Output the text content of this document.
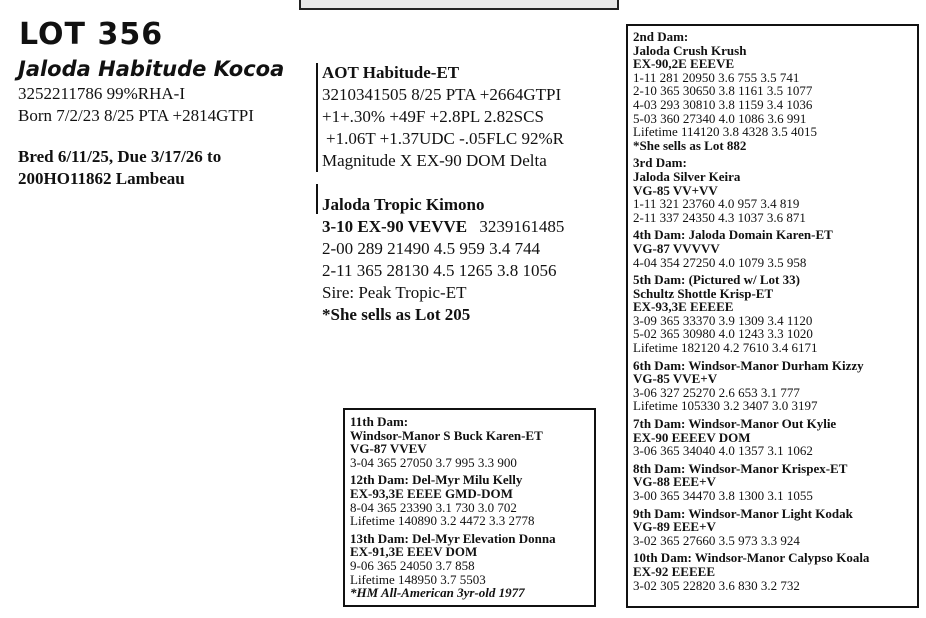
LOT 356
Jaloda Habitude Kocoa
3252211786 99%RHA-I
Born 7/2/23 8/25 PTA +2814GTPI
Bred 6/11/25, Due 3/17/26 to
200HO11862 Lambeau
AOT Habitude-ET
3210341505 8/25 PTA +2664GTPI
+1+.30% +49F +2.8PL 2.82SCS
+1.06T +1.37UDC -.05FLC 92%R
Magnitude X EX-90 DOM Delta
Jaloda Tropic Kimono
3-10 EX-90 VEVVE 3239161485
2-00 289 21490 4.5 959 3.4 744
2-11 365 28130 4.5 1265 3.8 1056
Sire: Peak Tropic-ET
*She sells as Lot 205
11th Dam:
Windsor-Manor S Buck Karen-ET
VG-87 VVEV
3-04 365 27050 3.7 995 3.3 900
12th Dam: Del-Myr Milu Kelly
EX-93,3E EEEE GMD-DOM
8-04 365 23390 3.1 730 3.0 702
Lifetime 140890 3.2 4472 3.3 2778
13th Dam: Del-Myr Elevation Donna
EX-91,3E EEEV DOM
9-06 365 24050 3.7 858
Lifetime 148950 3.7 5503
*HM All-American 3yr-old 1977
2nd Dam:
Jaloda Crush Krush
EX-90,2E EEEVE
1-11 281 20950 3.6 755 3.5 741
2-10 365 30650 3.8 1161 3.5 1077
4-03 293 30810 3.8 1159 3.4 1036
5-03 360 27340 4.0 1086 3.6 991
Lifetime 114120 3.8 4328 3.5 4015
*She sells as Lot 882
3rd Dam:
Jaloda Silver Keira
VG-85 VV+VV
1-11 321 23760 4.0 957 3.4 819
2-11 337 24350 4.3 1037 3.6 871
4th Dam: Jaloda Domain Karen-ET
VG-87 VVVVV
4-04 354 27250 4.0 1079 3.5 958
5th Dam: (Pictured w/ Lot 33)
Schultz Shottle Krisp-ET
EX-93,3E EEEEE
3-09 365 33370 3.9 1309 3.4 1120
5-02 365 30980 4.0 1243 3.3 1020
Lifetime 182120 4.2 7610 3.4 6171
6th Dam: Windsor-Manor Durham Kizzy
VG-85 VVE+V
3-06 327 25270 2.6 653 3.1 777
Lifetime 105330 3.2 3407 3.0 3197
7th Dam: Windsor-Manor Out Kylie
EX-90 EEEEV DOM
3-06 365 34040 4.0 1357 3.1 1062
8th Dam: Windsor-Manor Krispex-ET
VG-88 EEE+V
3-00 365 34470 3.8 1300 3.1 1055
9th Dam: Windsor-Manor Light Kodak
VG-89 EEE+V
3-02 365 27660 3.5 973 3.3 924
10th Dam: Windsor-Manor Calypso Koala
EX-92 EEEEE
3-02 305 22820 3.6 830 3.2 732
